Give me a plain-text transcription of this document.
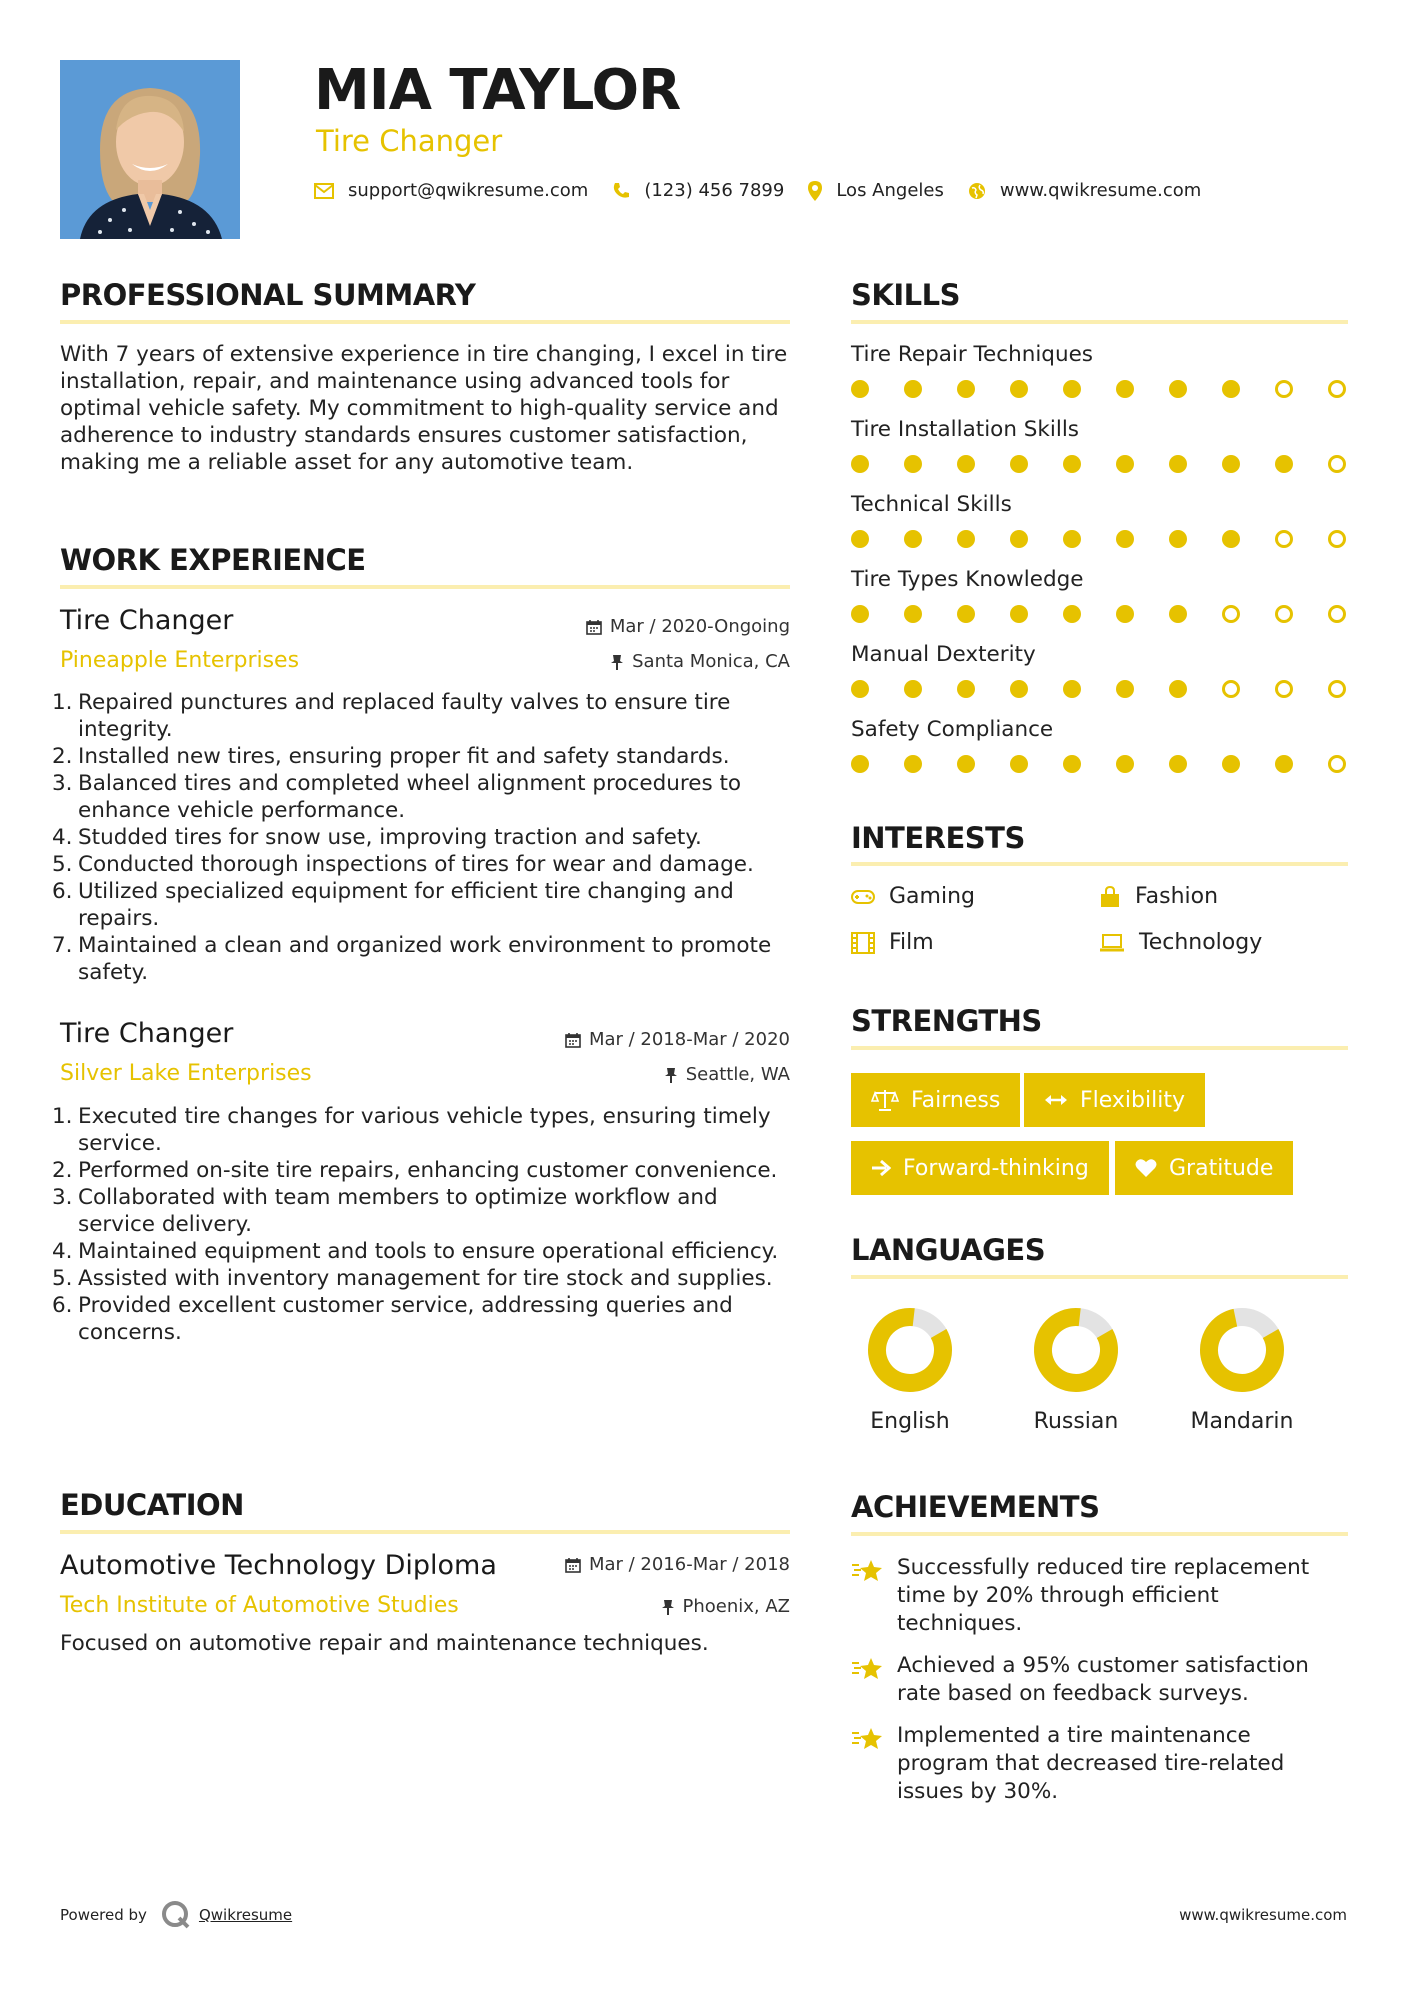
MIA TAYLOR
Tire Changer
support@qwikresume.com	(123) 456 7899	Los Angeles	www.qwikresume.com
PROFESSIONAL SUMMARY
With 7 years of extensive experience in tire changing, I excel in tire installation, repair, and maintenance using advanced tools for optimal vehicle safety. My commitment to high-quality service and adherence to industry standards ensures customer satisfaction, making me a reliable asset for any automotive team.
WORK EXPERIENCE
Tire Changer
Pineapple Enterprises
Mar / 2020-Ongoing
Santa Monica, CA
1. Repaired punctures and replaced faulty valves to ensure tire integrity.
2. Installed new tires, ensuring proper fit and safety standards.
3. Balanced tires and completed wheel alignment procedures to enhance vehicle performance.
4. Studded tires for snow use, improving traction and safety.
5. Conducted thorough inspections of tires for wear and damage.
6. Utilized specialized equipment for efficient tire changing and repairs.
7. Maintained a clean and organized work environment to promote safety.
Tire Changer
Silver Lake Enterprises
Mar / 2018-Mar / 2020
Seattle, WA
1. Executed tire changes for various vehicle types, ensuring timely service.
2. Performed on-site tire repairs, enhancing customer convenience.
3. Collaborated with team members to optimize workflow and service delivery.
4. Maintained equipment and tools to ensure operational efficiency.
5. Assisted with inventory management for tire stock and supplies.
6. Provided excellent customer service, addressing queries and concerns.
EDUCATION
Automotive Technology Diploma
Tech Institute of Automotive Studies
Mar / 2016-Mar / 2018
Phoenix, AZ
Focused on automotive repair and maintenance techniques.
SKILLS
Tire Repair Techniques
Tire Installation Skills
Technical Skills
Tire Types Knowledge
Manual Dexterity
Safety Compliance
INTERESTS
Gaming	Fashion
Film	Technology
STRENGTHS
Fairness	Flexibility
Forward-thinking	Gratitude
LANGUAGES
English	Russian	Mandarin
ACHIEVEMENTS
Successfully reduced tire replacement time by 20% through efficient techniques.
Achieved a 95% customer satisfaction rate based on feedback surveys.
Implemented a tire maintenance program that decreased tire-related issues by 30%.
Powered by	Qwikresume	www.qwikresume.com
